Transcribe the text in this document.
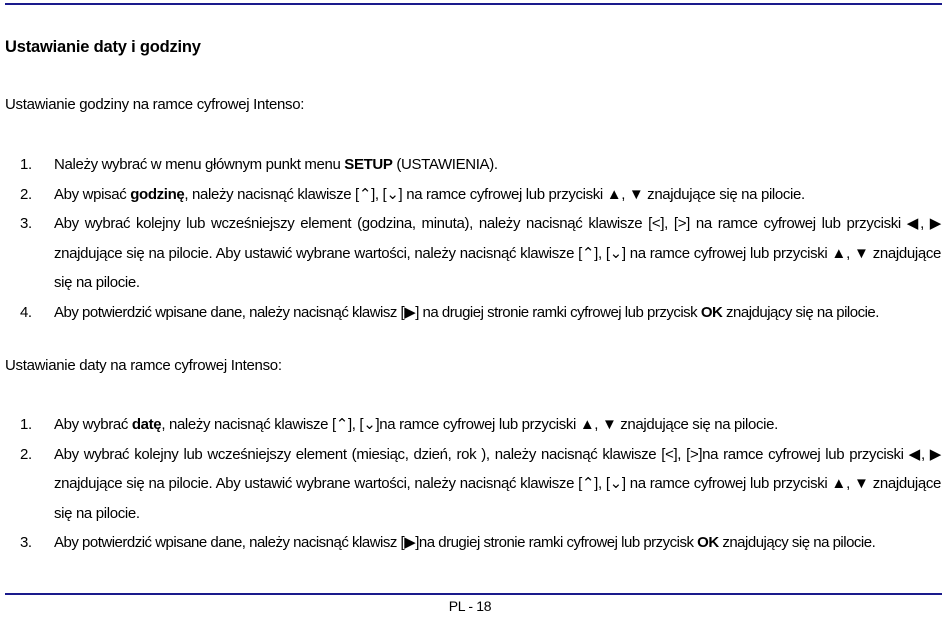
Ustawianie daty i godziny
Ustawianie godziny na ramce cyfrowej Intenso:
1. Należy wybrać w menu głównym punkt menu SETUP (USTAWIENIA).
2. Aby wpisać godzinę, należy nacisnąć klawisze [⌃], [⌄] na ramce cyfrowej lub przyciski ▲, ▼ znajdujące się na pilocie.
3. Aby wybrać kolejny lub wcześniejszy element (godzina, minuta), należy nacisnąć klawisze [<], [>] na ramce cyfrowej lub przyciski ◀, ▶ znajdujące się na pilocie. Aby ustawić wybrane wartości, należy nacisnąć klawisze [⌃], [⌄] na ramce cyfrowej lub przyciski ▲, ▼ znajdujące się na pilocie.
4. Aby potwierdzić wpisane dane, należy nacisnąć klawisz [▶] na drugiej stronie ramki cyfrowej lub przycisk OK znajdujący się na pilocie.
Ustawianie daty na ramce cyfrowej Intenso:
1. Aby wybrać datę, należy nacisnąć klawisze [⌃], [⌄]na ramce cyfrowej lub przyciski ▲, ▼ znajdujące się na pilocie.
2. Aby wybrać kolejny lub wcześniejszy element (miesiąc, dzień, rok ), należy nacisnąć klawisze [<], [>]na ramce cyfrowej lub przyciski ◀, ▶ znajdujące się na pilocie. Aby ustawić wybrane wartości, należy nacisnąć klawisze [⌃], [⌄] na ramce cyfrowej lub przyciski ▲, ▼ znajdujące się na pilocie.
3. Aby potwierdzić wpisane dane, należy nacisnąć klawisz [▶]na drugiej stronie ramki cyfrowej lub przycisk OK znajdujący się na pilocie.
PL - 18
